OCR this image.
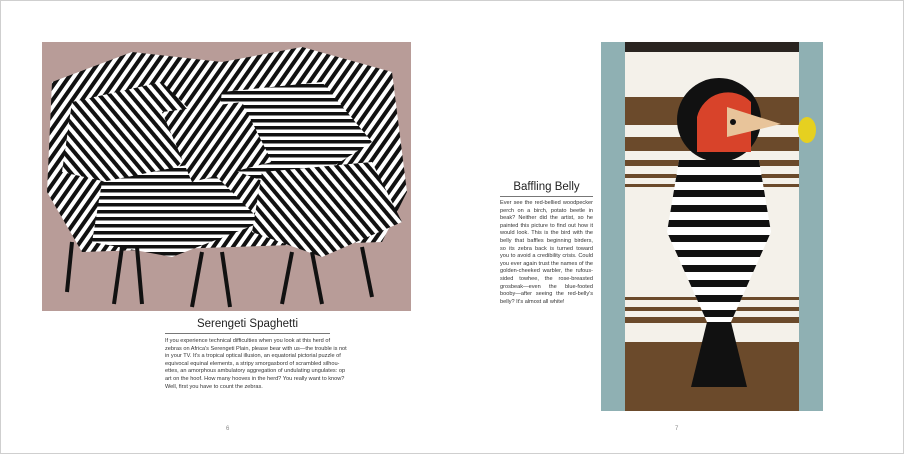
Serengeti Spaghetti
If you experience technical difficulties when you look at this herd of
zebras on Africa's Serengeti Plain, please bear with us—the trouble is not
in your TV. It's a tropical optical illusion, an equatorial pictorial puzzle of
equivocal equinal elements, a stripy smorgasbord of scrambled silhou-
ettes, an amorphous ambulatory aggregation of undulating ungulates: op
art on the hoof. How many hooves in the herd? You really want to know?
Well, first you have to count the zebras.
6
Baffling Belly
Ever see the red-bellied woodpecker
perch on a birch, potato beetle in
beak? Neither did the artist, so he
painted this picture to find out how it
would look. This is the bird with the
belly that baffles beginning birders,
so its zebra back is turned toward
you to avoid a credibility crisis. Could
you ever again trust the names of the
golden-cheeked warbler, the rufous-
sided towhee, the rose-breasted
grosbeak—even the blue-footed
booby—after seeing the red-belly's
belly? It's almost all white!
7
